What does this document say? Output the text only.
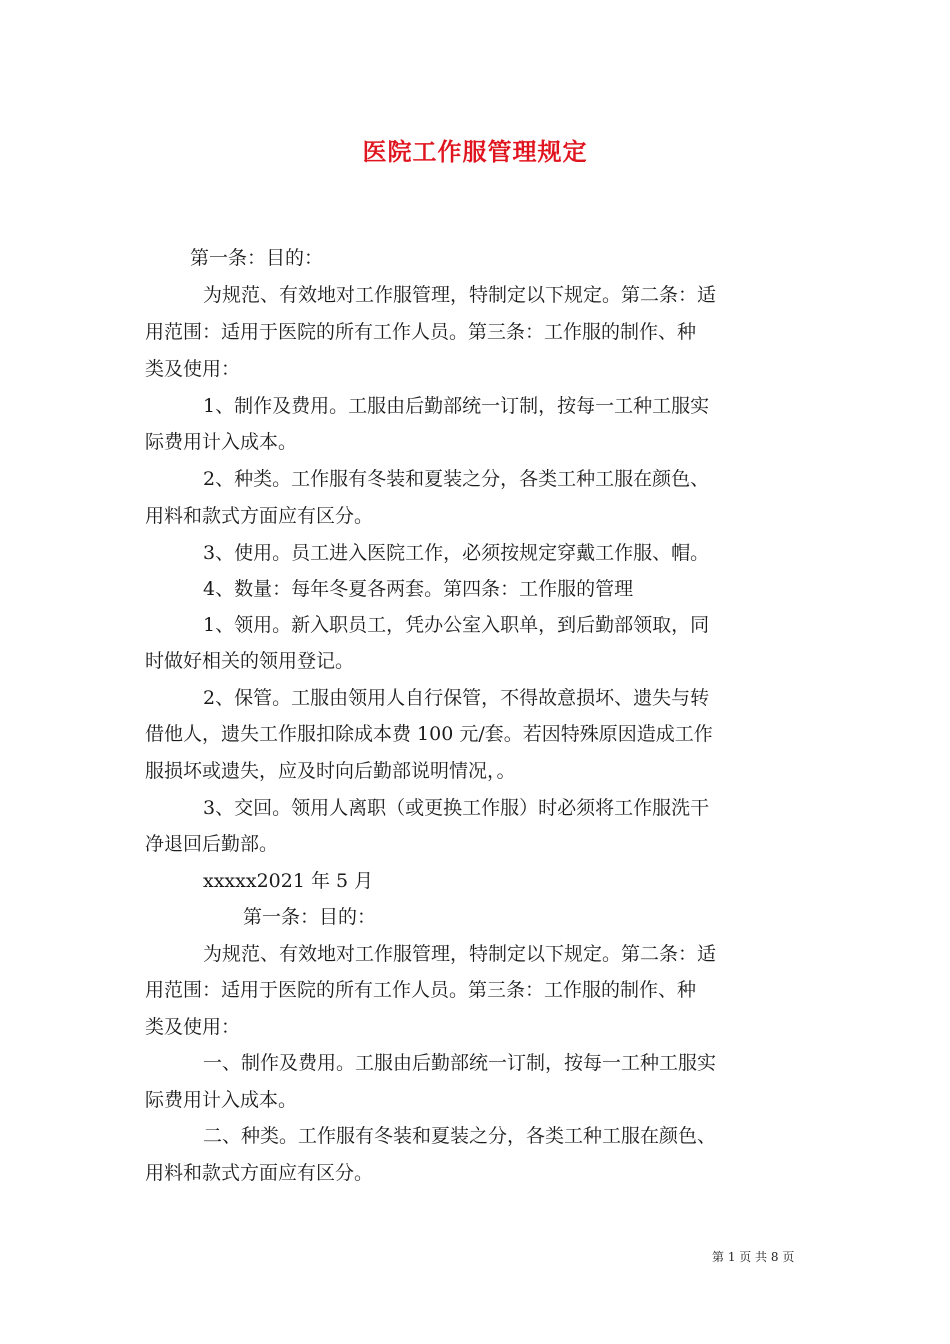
医院工作服管理规定
第一条：目的：
为规范、有效地对工作服管理，特制定以下规定。第二条：适
用范围：适用于医院的所有工作人员。第三条：工作服的制作、种
类及使用：
1、制作及费用。工服由后勤部统一订制，按每一工种工服实
际费用计入成本。
2、种类。工作服有冬装和夏装之分，各类工种工服在颜色、
用料和款式方面应有区分。
3、使用。员工进入医院工作，必须按规定穿戴工作服、帽。
4、数量：每年冬夏各两套。第四条：工作服的管理
1、领用。新入职员工，凭办公室入职单，到后勤部领取，同
时做好相关的领用登记。
2、保管。工服由领用人自行保管，不得故意损坏、遗失与转
借他人，遗失工作服扣除成本费 100 元/套。若因特殊原因造成工作
服损坏或遗失，应及时向后勤部说明情况，。
3、交回。领用人离职（或更换工作服）时必须将工作服洗干
净退回后勤部。
xxxxx2021 年 5 月
第一条：目的：
为规范、有效地对工作服管理，特制定以下规定。第二条：适
用范围：适用于医院的所有工作人员。第三条：工作服的制作、种
类及使用：
一、制作及费用。工服由后勤部统一订制，按每一工种工服实
际费用计入成本。
二、种类。工作服有冬装和夏装之分，各类工种工服在颜色、
用料和款式方面应有区分。
第 1 页 共 8 页
